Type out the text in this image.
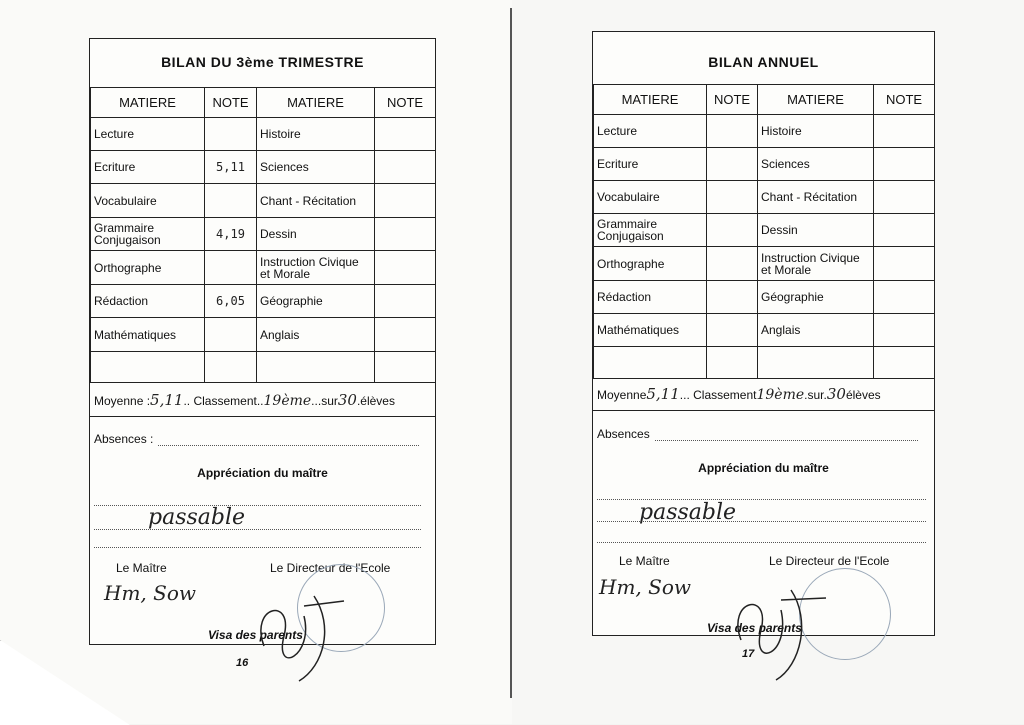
BILAN DU 3ème TRIMESTRE
MATIERE	NOTE	MATIERE	NOTE
Lecture		Histoire	
Ecriture	5,11	Sciences	
Vocabulaire		Chant - Récitation	
Grammaire Conjugaison	4,19	Dessin	
Orthographe		Instruction Civique et Morale	
Rédaction	6,05	Géographie	
Mathématiques		Anglais	

Moyenne :5,11.. Classement..19ème...sur30.élèves
Absences :
Appréciation du maître
passable
Le Maître
Hm, Sow
Le Directeur de l'Ecole
Visa des parents
16
BILAN ANNUEL
MATIERE	NOTE	MATIERE	NOTE
Lecture		Histoire	
Ecriture		Sciences	
Vocabulaire		Chant - Récitation	
Grammaire Conjugaison		Dessin	
Orthographe		Instruction Civique et Morale	
Rédaction		Géographie	
Mathématiques		Anglais	

Moyenne5,11... Classement19ème.sur.30élèves
Absences
Appréciation du maître
passable
Le Maître
Hm, Sow
Le Directeur de l'Ecole
Visa des parents
17
